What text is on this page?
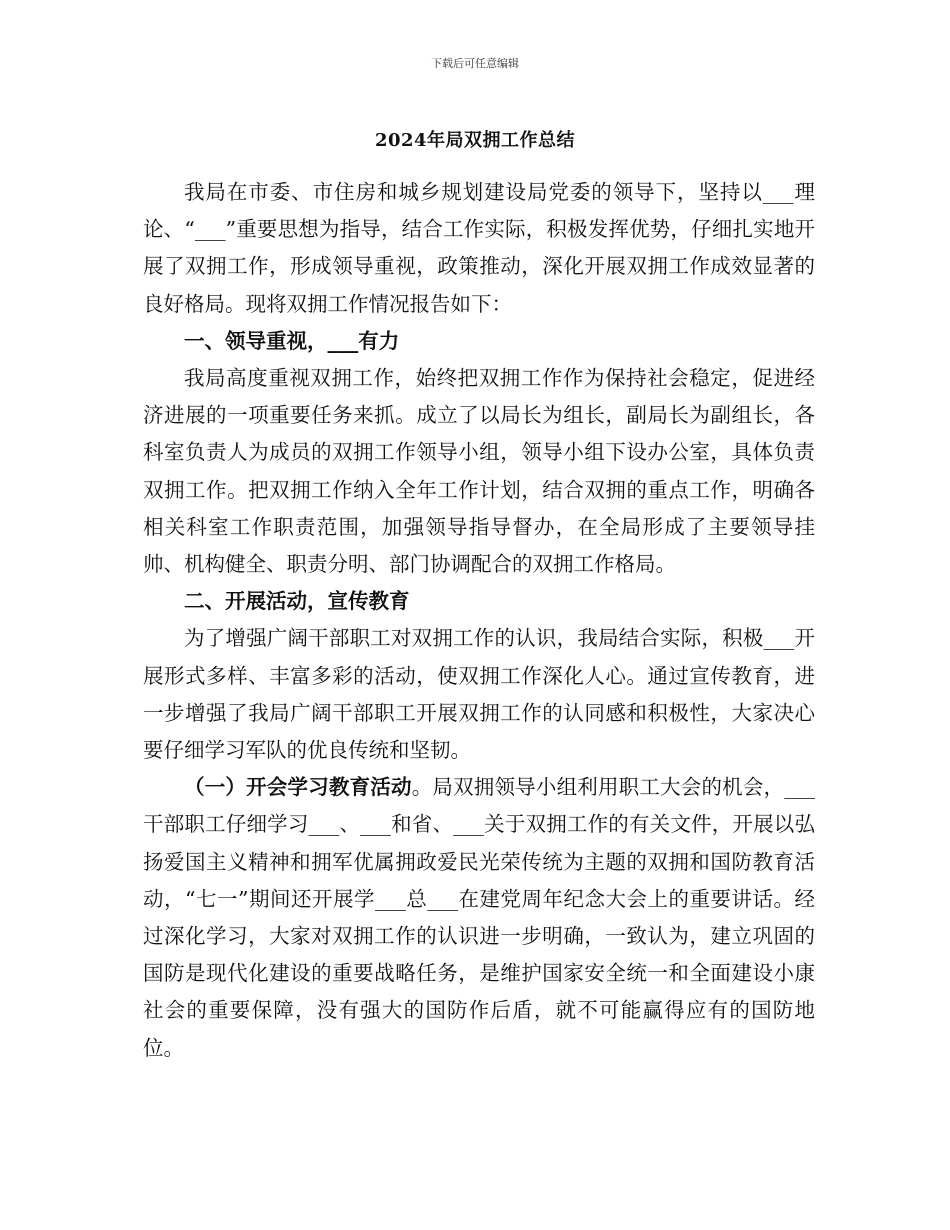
下载后可任意编辑
2024年局双拥工作总结

我局在市委、市住房和城乡规划建设局党委的领导下，坚持以___理论、“___”重要思想为指导，结合工作实际，积极发挥优势，仔细扎实地开展了双拥工作，形成领导重视，政策推动，深化开展双拥工作成效显著的良好格局。现将双拥工作情况报告如下：

一、领导重视，___有力

我局高度重视双拥工作，始终把双拥工作作为保持社会稳定，促进经济进展的一项重要任务来抓。成立了以局长为组长，副局长为副组长，各科室负责人为成员的双拥工作领导小组，领导小组下设办公室，具体负责双拥工作。把双拥工作纳入全年工作计划，结合双拥的重点工作，明确各相关科室工作职责范围，加强领导指导督办，在全局形成了主要领导挂帅、机构健全、职责分明、部门协调配合的双拥工作格局。

二、开展活动，宣传教育

为了增强广阔干部职工对双拥工作的认识，我局结合实际，积极___开展形式多样、丰富多彩的活动，使双拥工作深化人心。通过宣传教育，进一步增强了我局广阔干部职工开展双拥工作的认同感和积极性，大家决心要仔细学习军队的优良传统和坚韧。

（一）开会学习教育活动。局双拥领导小组利用职工大会的机会，___干部职工仔细学习___、___和省、___关于双拥工作的有关文件，开展以弘扬爱国主义精神和拥军优属拥政爱民光荣传统为主题的双拥和国防教育活动，“七一”期间还开展学___总___在建党周年纪念大会上的重要讲话。经过深化学习，大家对双拥工作的认识进一步明确，一致认为，建立巩固的国防是现代化建设的重要战略任务，是维护国家安全统一和全面建设小康社会的重要保障，没有强大的国防作后盾，就不可能赢得应有的国防地位。
